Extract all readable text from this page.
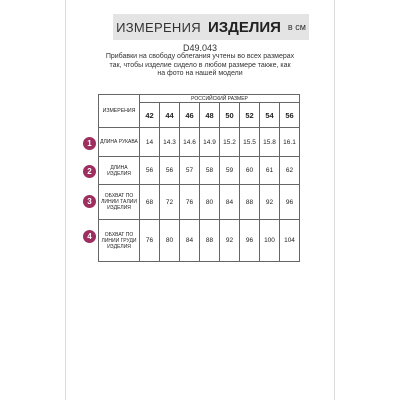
ИЗМЕРЕНИЯ ИЗДЕЛИЯ в см
D49.043
Прибавки на свободу облегания учтены во всех размерах так, чтобы изделие сидело в любом размере также, как на фото на нашей модели
1
2
3
4
ИЗМЕРЕНИЯ	РОССИЙСКИЙ РАЗМЕР							
	42	44	46	48	50	52	54	56
ДЛИНА РУКАВА	14	14.3	14.6	14.9	15.2	15.5	15.8	16.1
ДЛИНА ИЗДЕЛИЯ	56	56	57	58	59	60	61	62
ОБХВАТ ПО ЛИНИИ ТАЛИИ ИЗДЕЛИЯ	68	72	76	80	84	88	92	96
ОБХВАТ ПО ЛИНИИ ГРУДИ ИЗДЕЛИЯ	76	80	84	88	92	96	100	104
